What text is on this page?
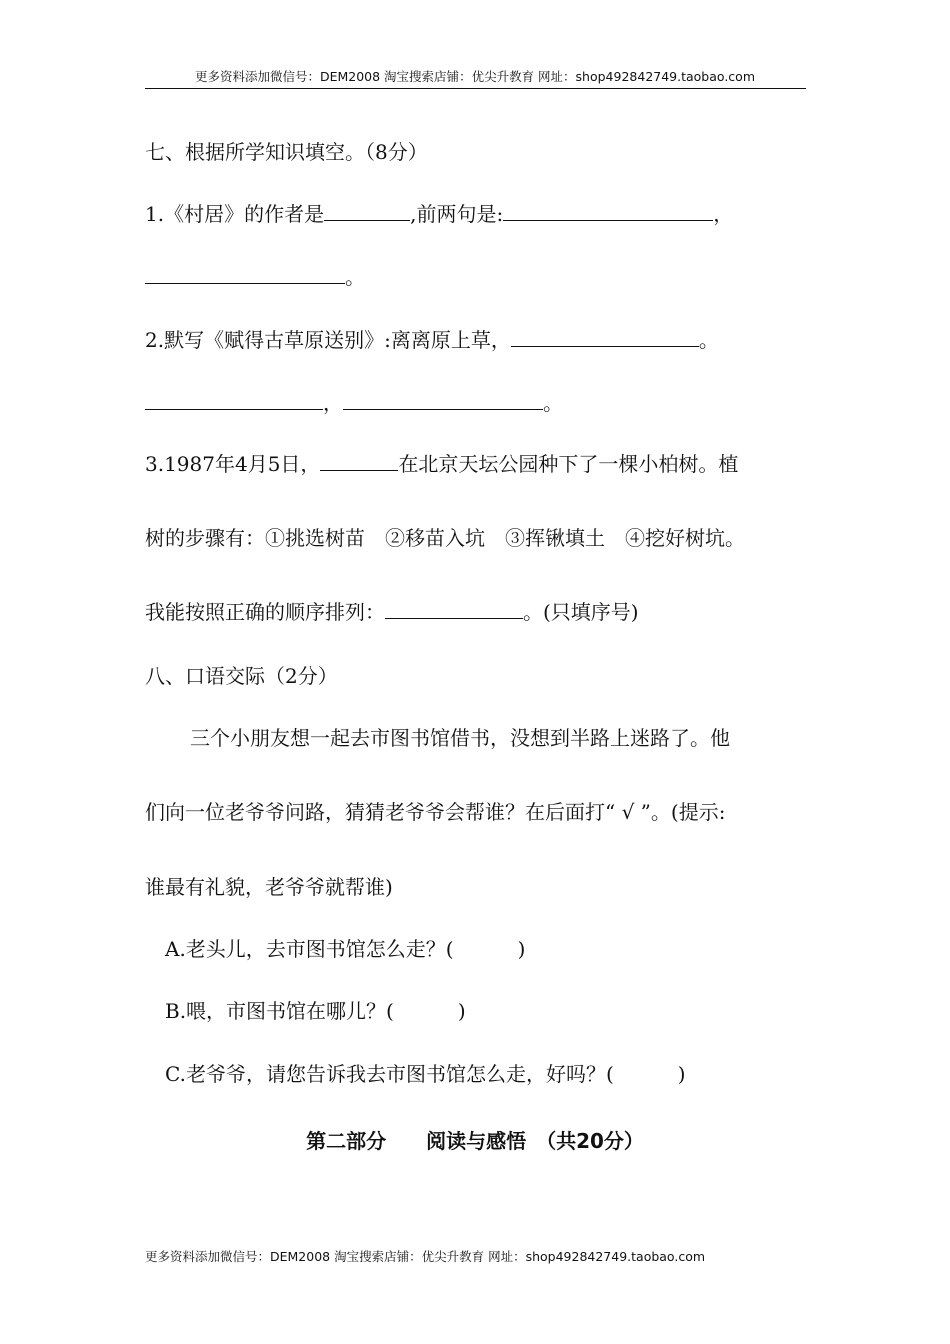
更多资料添加微信号：DEM2008 淘宝搜索店铺：优尖升教育 网址：shop492842749.taobao.com
七、根据所学知识填空。（8分）
1.《村居》的作者是	,前两句是:	，
。
2.默写《赋得古草原送别》:离离原上草，	。
，	。
3.1987年4月5日，	在北京天坛公园种下了一棵小柏树。植
树的步骤有：①挑选树苗　②移苗入坑　③挥锹填土　④挖好树坑。
我能按照正确的顺序排列：	。(只填序号)
八、口语交际（2分）
三个小朋友想一起去市图书馆借书，没想到半路上迷路了。他
们向一位老爷爷问路，猜猜老爷爷会帮谁？在后面打“ √ ”。(提示:
谁最有礼貌，老爷爷就帮谁)
A.老头儿，去市图书馆怎么走？(	)
B.喂，市图书馆在哪儿？(	)
C.老爷爷，请您告诉我去市图书馆怎么走，好吗？(	)
第二部分　　阅读与感悟　（共20分）
更多资料添加微信号：DEM2008 淘宝搜索店铺：优尖升教育 网址：shop492842749.taobao.com
